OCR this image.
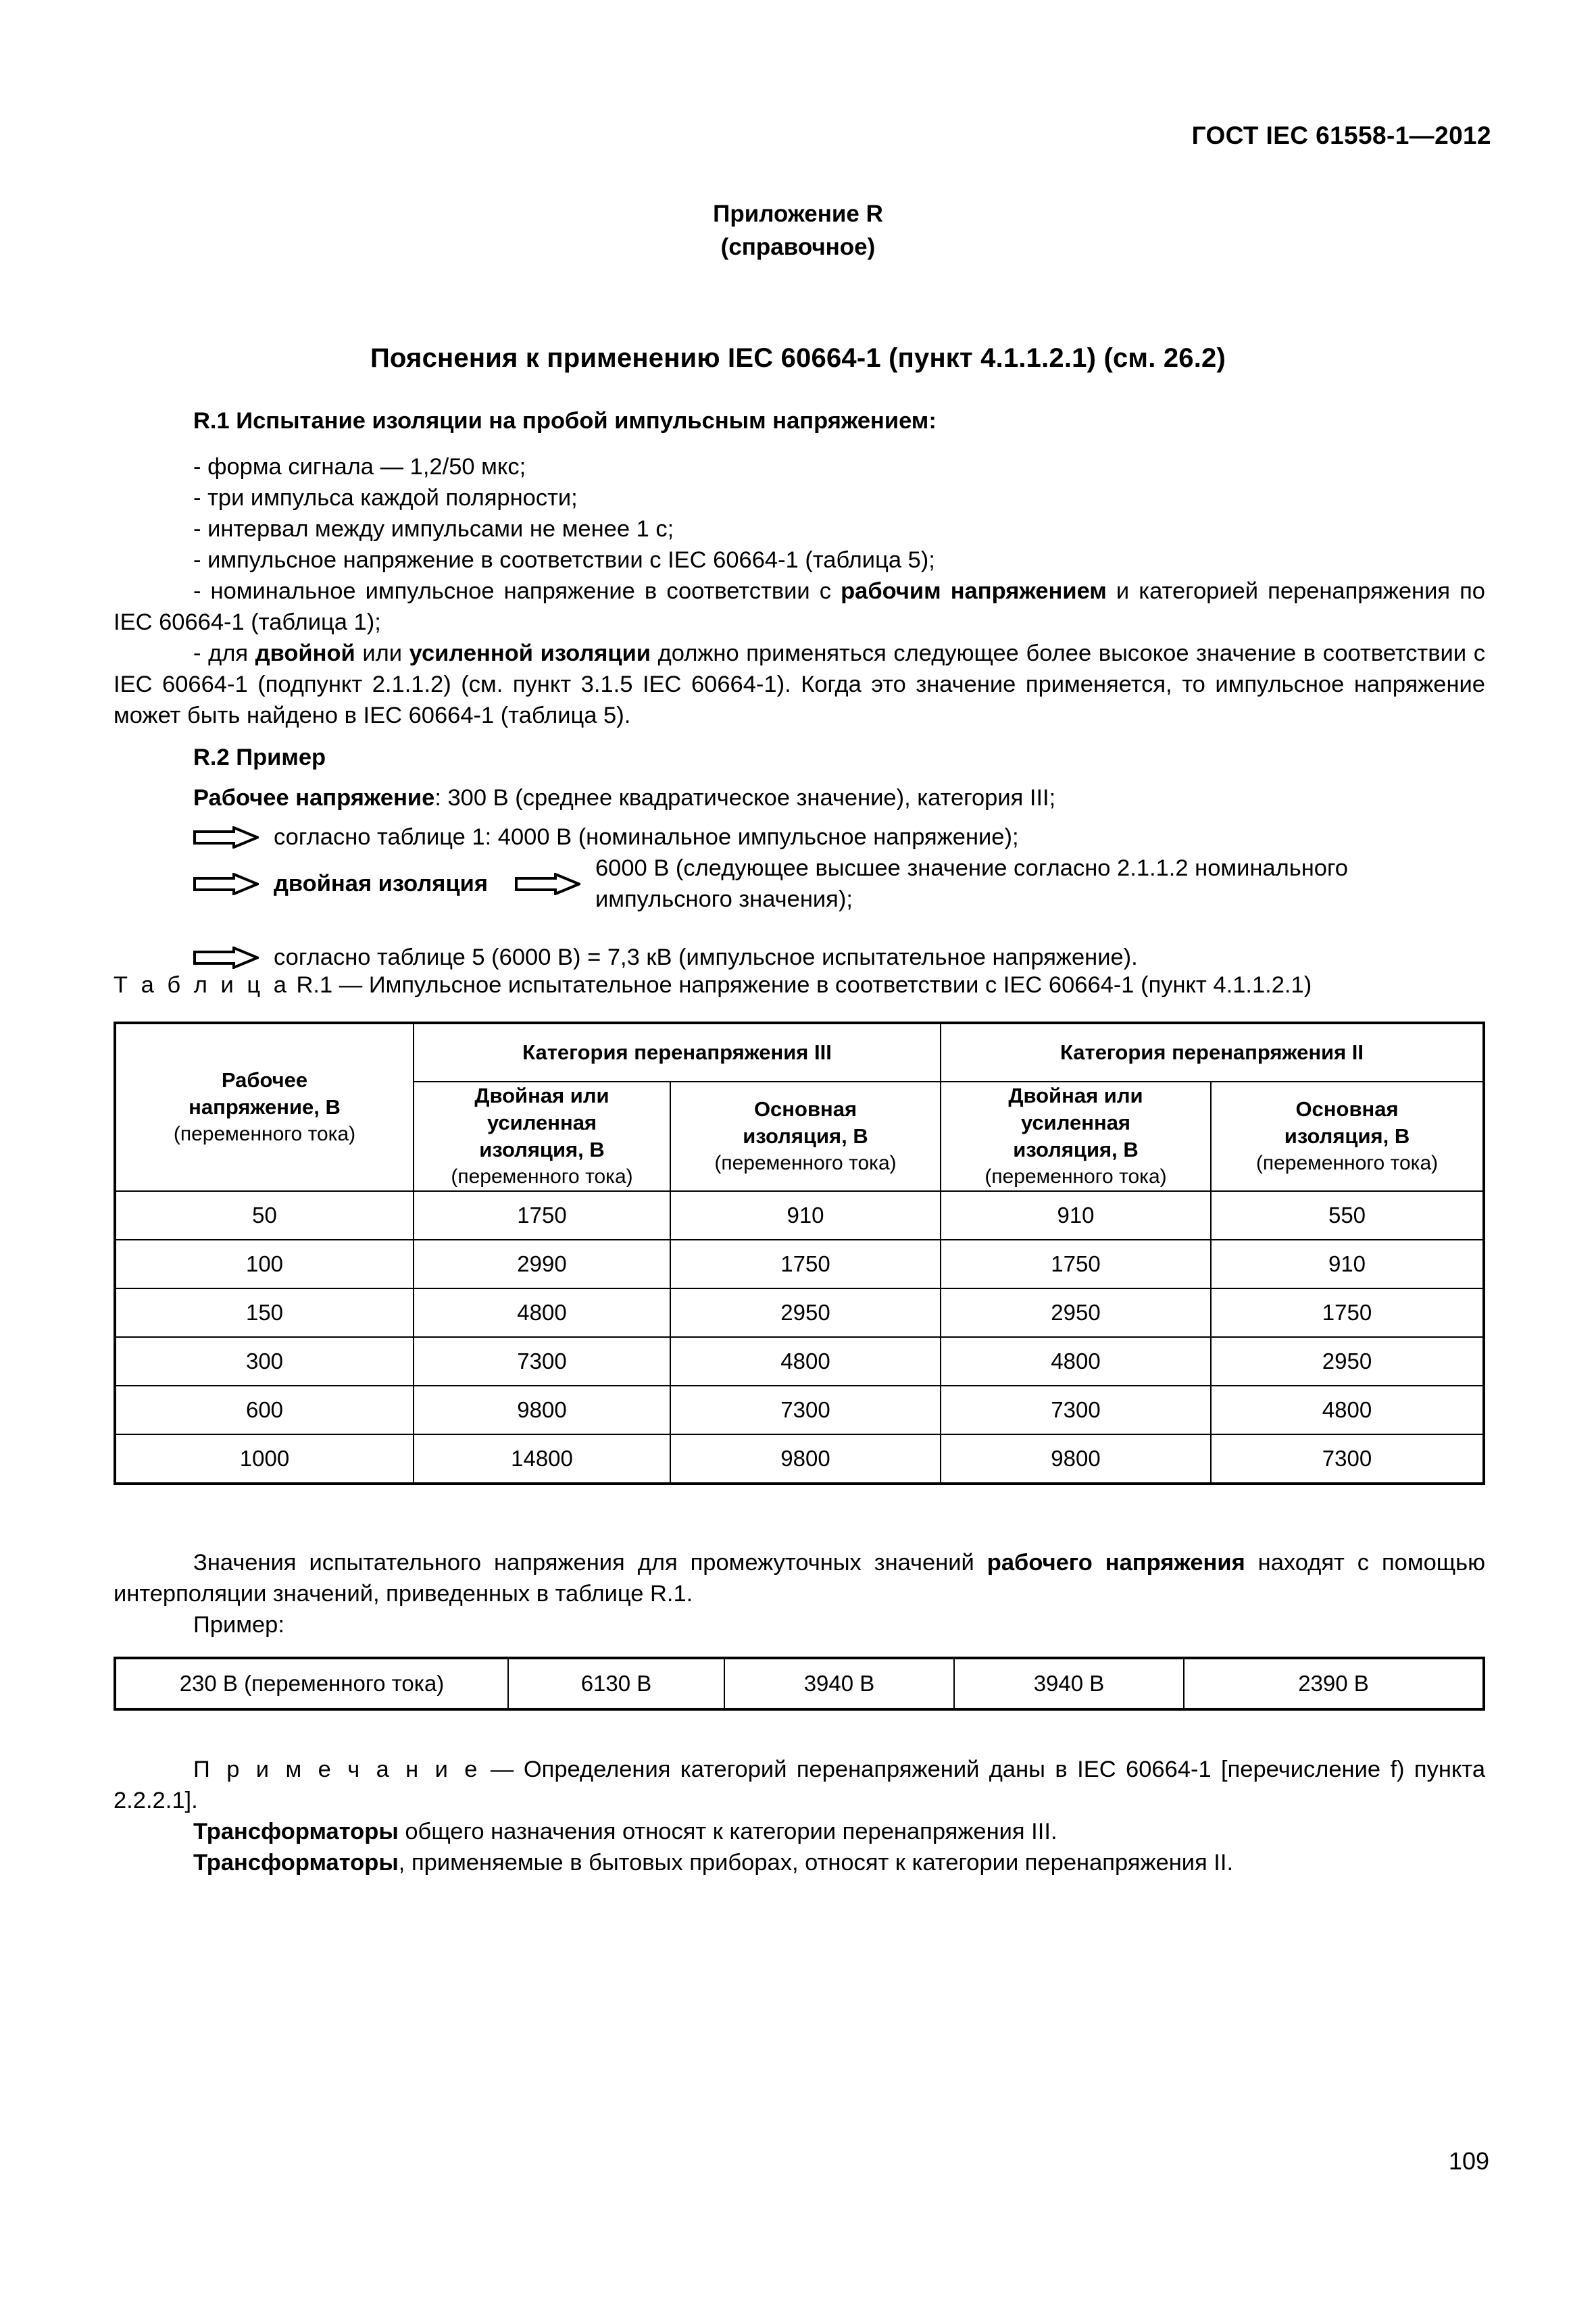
ГОСТ IEC 61558-1—2012
Приложение R
(справочное)
Пояснения к применению IEC 60664-1 (пункт 4.1.1.2.1) (см. 26.2)

R.1 Испытание изоляции на пробой импульсным напряжением:

- форма сигнала — 1,2/50 мкс;

- три импульса каждой полярности;

- интервал между импульсами не менее 1 с;

- импульсное напряжение в соответствии с IEC 60664-1 (таблица 5);

- номинальное импульсное напряжение в соответствии с рабочим напряжением и категорией перенапряжения по IEC 60664-1 (таблица 1);

- для двойной или усиленной изоляции должно применяться следующее более высокое значение в соответствии с IEC 60664-1 (подпункт 2.1.1.2) (см. пункт 3.1.5 IEC 60664-1). Когда это значение применяется, то импульсное напряжение может быть найдено в IEC 60664-1 (таблица 5).

R.2 Пример

Рабочее напряжение: 300 В (среднее квадратическое значение), категория III;

согласно таблице 1: 4000 В (номинальное импульсное напряжение);
двойная изоляция
6000 В (следующее высшее значение согласно 2.1.1.2 номинального импульсного значения);
согласно таблице 5 (6000 В) = 7,3 кВ (импульсное испытательное напряжение).

Т а б л и ц а R.1 — Импульсное испытательное напряжение в соответствии с IEC 60664-1 (пункт 4.1.1.2.1)

Рабочее
напряжение, В
(переменного тока)	Категория перенапряжения III		Категория перенапряжения II	

Двойная или
усиленная
изоляция, В
(переменного тока)

Основная
изоляция, В
(переменного тока)

Двойная или
усиленная
изоляция, В
(переменного тока)

Основная
изоляция, В
(переменного тока)

50	1750	910	910	550
100	2990	1750	1750	910
150	4800	2950	2950	1750
300	7300	4800	4800	2950
600	9800	7300	7300	4800
1000	14800	9800	9800	7300

Значения испытательного напряжения для промежуточных значений рабочего напряжения находят с помощью интерполяции значений, приведенных в таблице R.1.

Пример:

230 В (переменного тока)	6130 В	3940 В	3940 В	2390 В

П р и м е ч а н и е — Определения категорий перенапряжений даны в IEC 60664-1 [перечисление f) пункта 2.2.2.1].

Трансформаторы общего назначения относят к категории перенапряжения III.

Трансформаторы, применяемые в бытовых приборах, относят к категории перенапряжения II.

109
